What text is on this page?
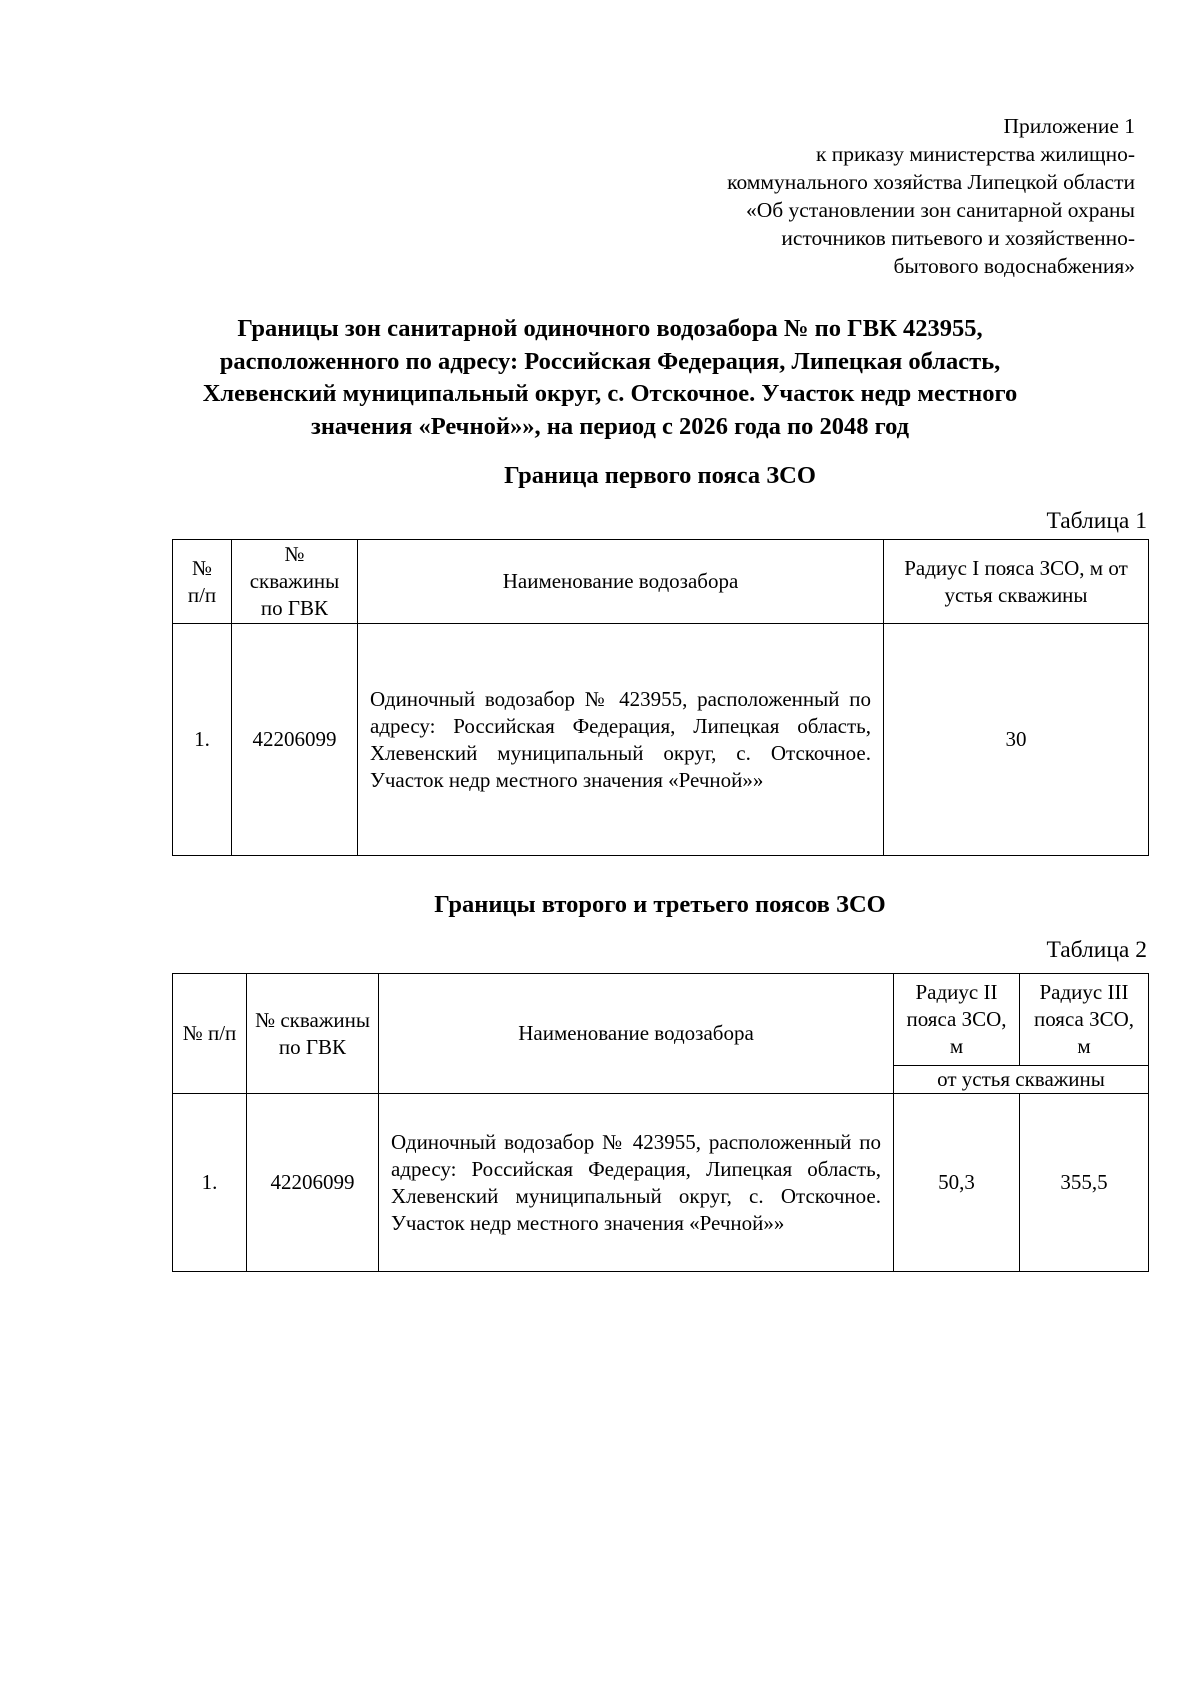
Приложение 1
к приказу министерства жилищно-
коммунального хозяйства Липецкой области
«Об установлении зон санитарной охраны
источников питьевого и хозяйственно-
бытового водоснабжения»
Границы зон санитарной одиночного водозабора № по ГВК 423955,
расположенного по адресу: Российская Федерация, Липецкая область,
Хлевенский муниципальный округ, с. Отскочное. Участок недр местного
значения «Речной»», на период с 2026 года по 2048 год
Граница первого пояса ЗСО
Таблица 1
№ п/п	№ скважины по ГВК	Наименование водозабора	Радиус I пояса ЗСО, м от устья скважины
1.	42206099	Одиночный водозабор № 423955, расположенный по адресу: Российская Федерация, Липецкая область, Хлевенский муниципальный округ, с. Отскочное. Участок недр местного значения «Речной»»	30
Границы второго и третьего поясов ЗСО
Таблица 2
№ п/п	№ скважины по ГВК	Наименование водозабора	Радиус II пояса ЗСО, м	Радиус III пояса ЗСО, м
			от устья скважины	
1.	42206099	Одиночный водозабор № 423955, расположенный по адресу: Российская Федерация, Липецкая область, Хлевенский муниципальный округ, с. Отскочное. Участок недр местного значения «Речной»»	50,3	355,5
